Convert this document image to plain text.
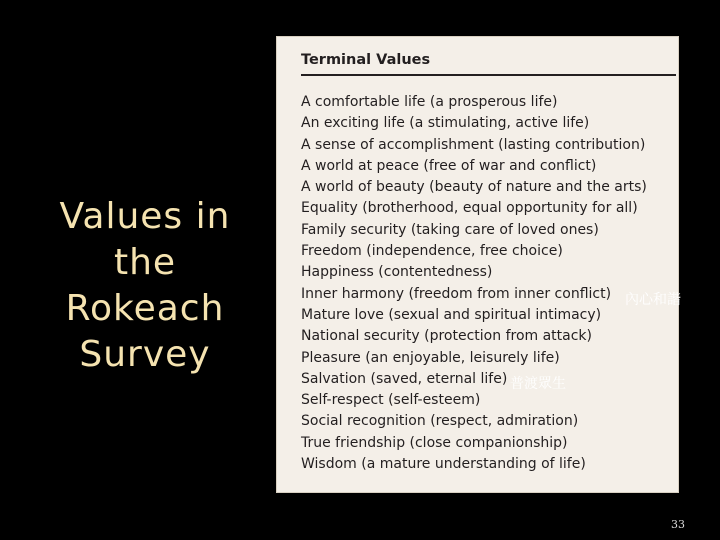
Values in
the
Rokeach
Survey
Terminal Values
A comfortable life (a prosperous life)
An exciting life (a stimulating, active life)
A sense of accomplishment (lasting contribution)
A world at peace (free of war and conflict)
A world of beauty (beauty of nature and the arts)
Equality (brotherhood, equal opportunity for all)
Family security (taking care of loved ones)
Freedom (independence, free choice)
Happiness (contentedness)
Inner harmony (freedom from inner conflict)
Mature love (sexual and spiritual intimacy)
National security (protection from attack)
Pleasure (an enjoyable, leisurely life)
Salvation (saved, eternal life)
Self-respect (self-esteem)
Social recognition (respect, admiration)
True friendship (close companionship)
Wisdom (a mature understanding of life)
內心和諧
普渡眾生
33
